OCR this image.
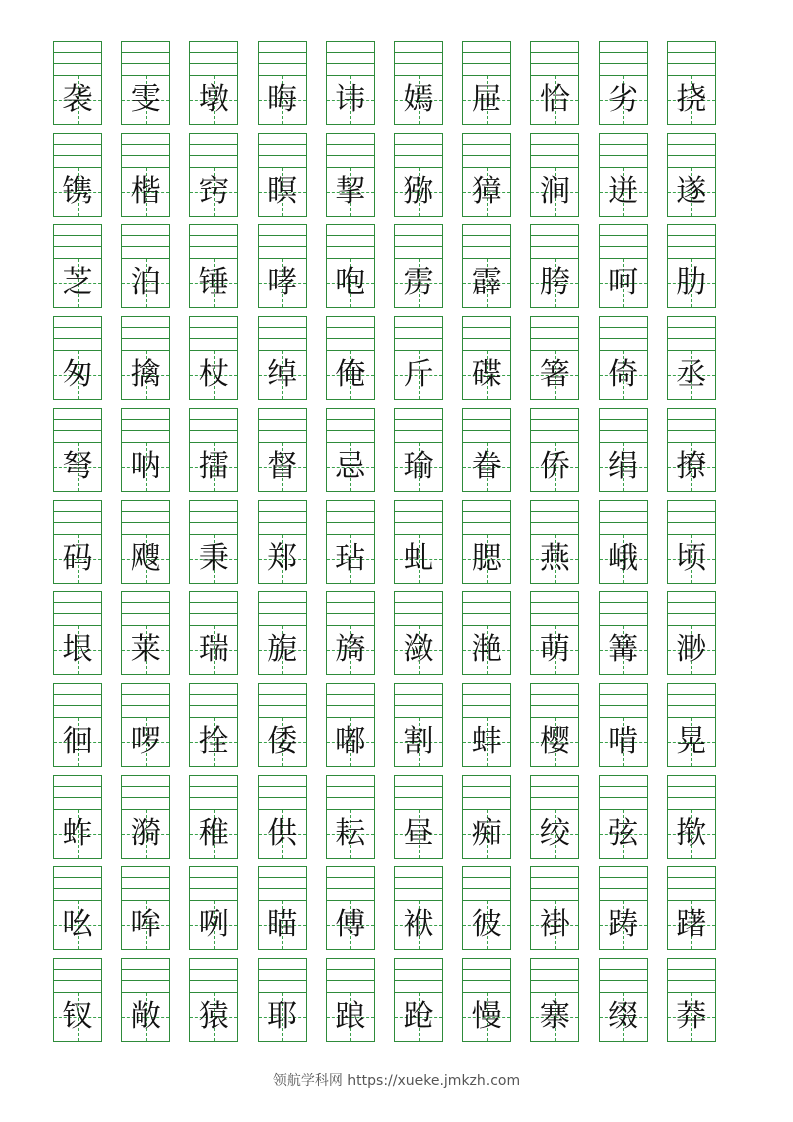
袭 雯 墩 晦 讳 嫣 屉 恰 劣 挠
镌 楷 窍 瞑 挈 猕 獐 涧 迸 遂
芝 泊 锤 哮 咆 雳 霹 胯 呵 肋
匆 擒 杖 绰 俺 斤 碟 箸 倚 丞
弩 呐 擂 督 忌 瑜 眷 侨 绢 撩
码 飕 秉 郑 玷 虬 腮 燕 峨 顷
垠 莱 瑞 旎 旖 潋 滟 萌 篝 渺
徊 啰 拴 倭 嘟 割 蚌 樱 啃 晃
蚱 漪 稚 供 耘 昼 痴 绞 弦 揿
吆 哞 咧 瞄 傅 袱 彼 褂 踌 躇
钗 敞 猿 耶 踉 跄 慢 寨 缀 莽
领航学科网 https://xueke.jmkzh.com
